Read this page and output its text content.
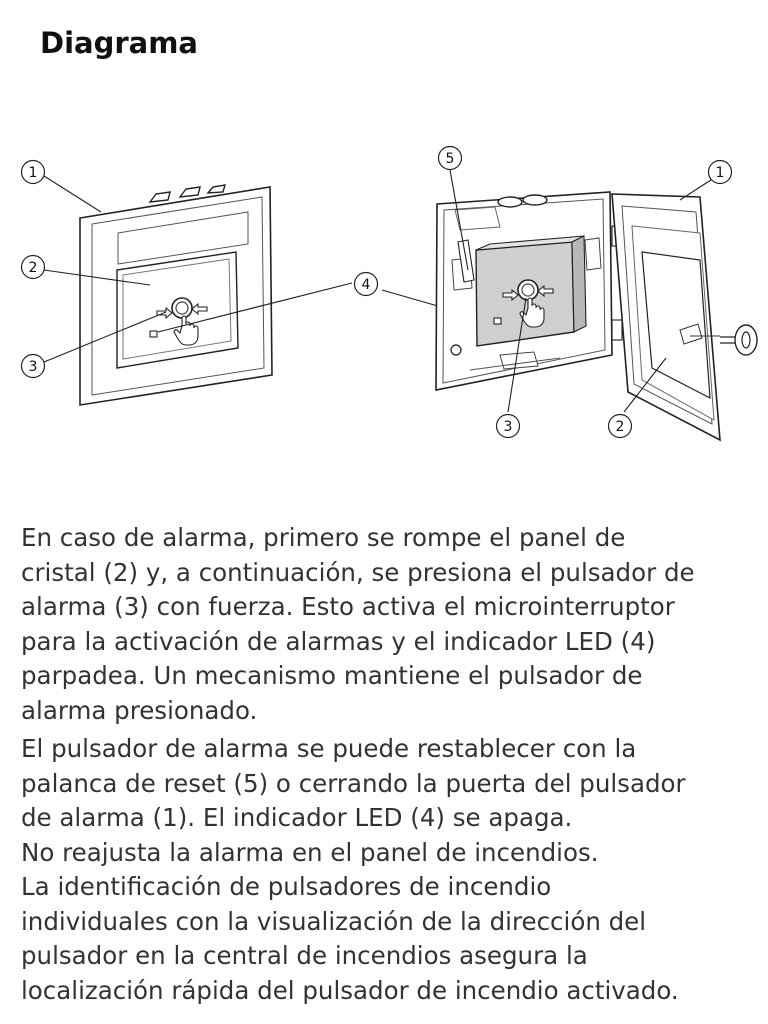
Diagrama
1
2
3
4
5
1
3	2

En caso de alarma, primero se rompe el panel de
cristal (2) y, a continuación, se presiona el pulsador de
alarma (3) con fuerza. Esto activa el microinterruptor
para la activación de alarmas y el indicador LED (4)
parpadea. Un mecanismo mantiene el pulsador de
alarma presionado.

El pulsador de alarma se puede restablecer con la
palanca de reset (5) o cerrando la puerta del pulsador
de alarma (1). El indicador LED (4) se apaga.
No reajusta la alarma en el panel de incendios.
La identificación de pulsadores de incendio
individuales con la visualización de la dirección del
pulsador en la central de incendios asegura la
localización rápida del pulsador de incendio activado.
